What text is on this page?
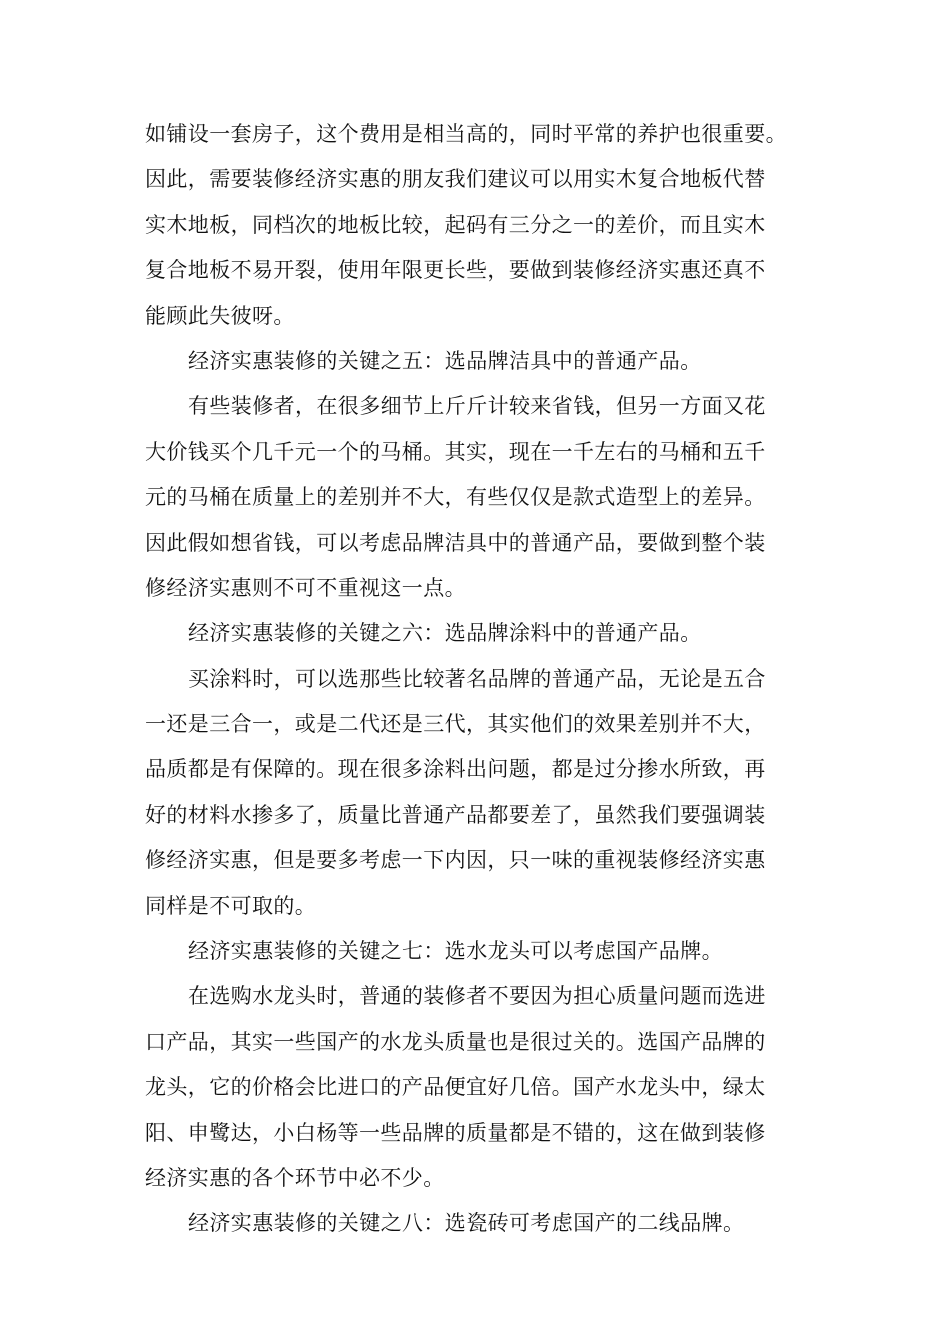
如铺设一套房子，这个费用是相当高的，同时平常的养护也很重要。
因此，需要装修经济实惠的朋友我们建议可以用实木复合地板代替
实木地板，同档次的地板比较，起码有三分之一的差价，而且实木
复合地板不易开裂，使用年限更长些，要做到装修经济实惠还真不
能顾此失彼呀。
经济实惠装修的关键之五：选品牌洁具中的普通产品。
有些装修者，在很多细节上斤斤计较来省钱，但另一方面又花
大价钱买个几千元一个的马桶。其实，现在一千左右的马桶和五千
元的马桶在质量上的差别并不大，有些仅仅是款式造型上的差异。
因此假如想省钱，可以考虑品牌洁具中的普通产品，要做到整个装
修经济实惠则不可不重视这一点。
经济实惠装修的关键之六：选品牌涂料中的普通产品。
买涂料时，可以选那些比较著名品牌的普通产品，无论是五合
一还是三合一，或是二代还是三代，其实他们的效果差别并不大，
品质都是有保障的。现在很多涂料出问题，都是过分掺水所致，再
好的材料水掺多了，质量比普通产品都要差了，虽然我们要强调装
修经济实惠，但是要多考虑一下内因，只一味的重视装修经济实惠
同样是不可取的。
经济实惠装修的关键之七：选水龙头可以考虑国产品牌。
在选购水龙头时，普通的装修者不要因为担心质量问题而选进
口产品，其实一些国产的水龙头质量也是很过关的。选国产品牌的
龙头，它的价格会比进口的产品便宜好几倍。国产水龙头中，绿太
阳、申鹭达，小白杨等一些品牌的质量都是不错的，这在做到装修
经济实惠的各个环节中必不少。
经济实惠装修的关键之八：选瓷砖可考虑国产的二线品牌。
